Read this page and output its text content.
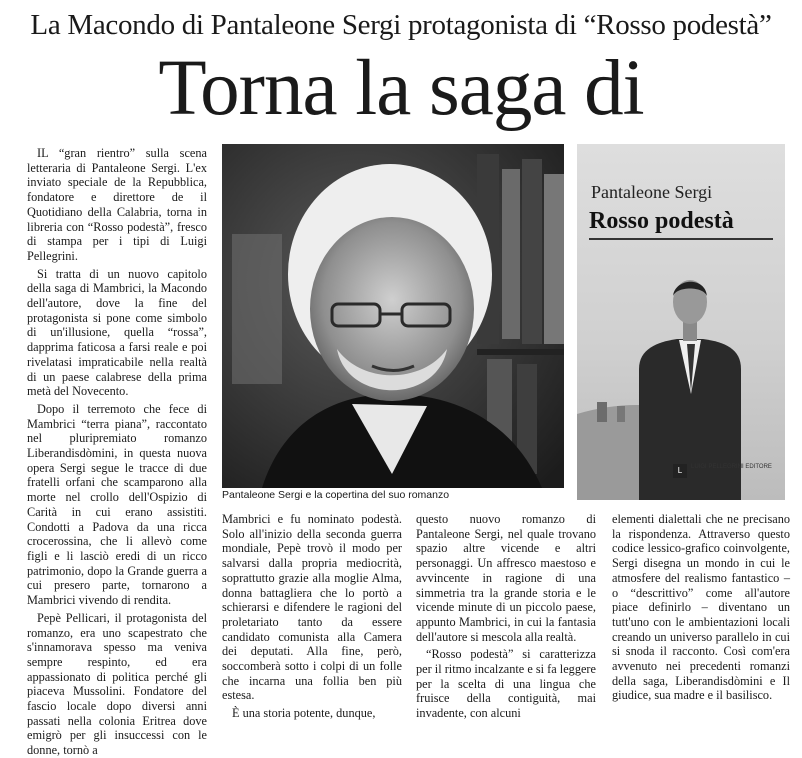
La Macondo di Pantaleone Sergi protagonista di “Rosso podestà”
Torna la saga di

IL “gran rientro” sulla scena letteraria di Pantaleone Sergi. L'ex inviato speciale de la Repubblica, fondatore e direttore de il Quotidiano della Calabria, torna in libreria con “Rosso podestà”, fresco di stampa per i tipi di Luigi Pellegrini.

Si tratta di un nuovo capitolo della saga di Mambrici, la Macondo dell'autore, dove la fine del protagonista si pone come simbolo di un'illusione, quella “rossa”, dapprima faticosa a farsi reale e poi rivelatasi impraticabile nella realtà di un paese calabrese della prima metà del Novecento.

Dopo il terremoto che fece di Mambrici “terra piana”, raccontato nel pluripremiato romanzo Liberandisdòmini, in questa nuova opera Sergi segue le tracce di due fratelli orfani che scamparono alla morte nel crollo dell'Ospizio di Carità in cui erano assistiti. Condotti a Padova da una ricca crocerossina, che li allevò come figli e li lasciò eredi di un ricco patrimonio, dopo la Grande guerra a cui presero parte, tornarono a Mambrici vivendo di rendita.

Pepè Pellicari, il protagonista del romanzo, era uno scapestrato che s'innamorava spesso ma veniva sempre respinto, ed era appassionato di politica perché gli piaceva Mussolini. Fondatore del fascio locale dopo diversi anni passati nella colonia Eritrea dove emigrò per gli insuccessi con le donne, tornò a

Pantaleone Sergi e la copertina del suo romanzo
Pantaleone Sergi
Rosso podestà
L	LUIGI PELLEGRINI EDITORE

Mambrici e fu nominato podestà. Solo all'inizio della seconda guerra mondiale, Pepè trovò il modo per salvarsi dalla propria mediocrità, soprattutto grazie alla moglie Alma, donna battagliera che lo portò a schierarsi e difendere le ragioni del proletariato tanto da essere candidato comunista alla Camera dei deputati. Alla fine, però, soccomberà sotto i colpi di un folle che incarna una follia ben più estesa.

È una storia potente, dunque,

questo nuovo romanzo di Pantaleone Sergi, nel quale trovano spazio altre vicende e altri personaggi. Un affresco maestoso e avvincente in ragione di una simmetria tra la grande storia e le vicende minute di un piccolo paese, appunto Mambrici, in cui la fantasia dell'autore si mescola alla realtà.

“Rosso podestà” si caratterizza per il ritmo incalzante e si fa leggere per la scelta di una lingua che fruisce della contiguità, mai invadente, con alcuni

elementi dialettali che ne precisano la rispondenza. Attraverso questo codice lessico-grafico coinvolgente, Sergi disegna un mondo in cui le atmosfere del realismo fantastico – o “descrittivo” come all'autore piace definirlo – diventano un tutt'uno con le ambientazioni locali creando un universo parallelo in cui si snoda il racconto. Così com'era avvenuto nei precedenti romanzi della saga, Liberandisdòmini e Il giudice, sua madre e il basilisco.
